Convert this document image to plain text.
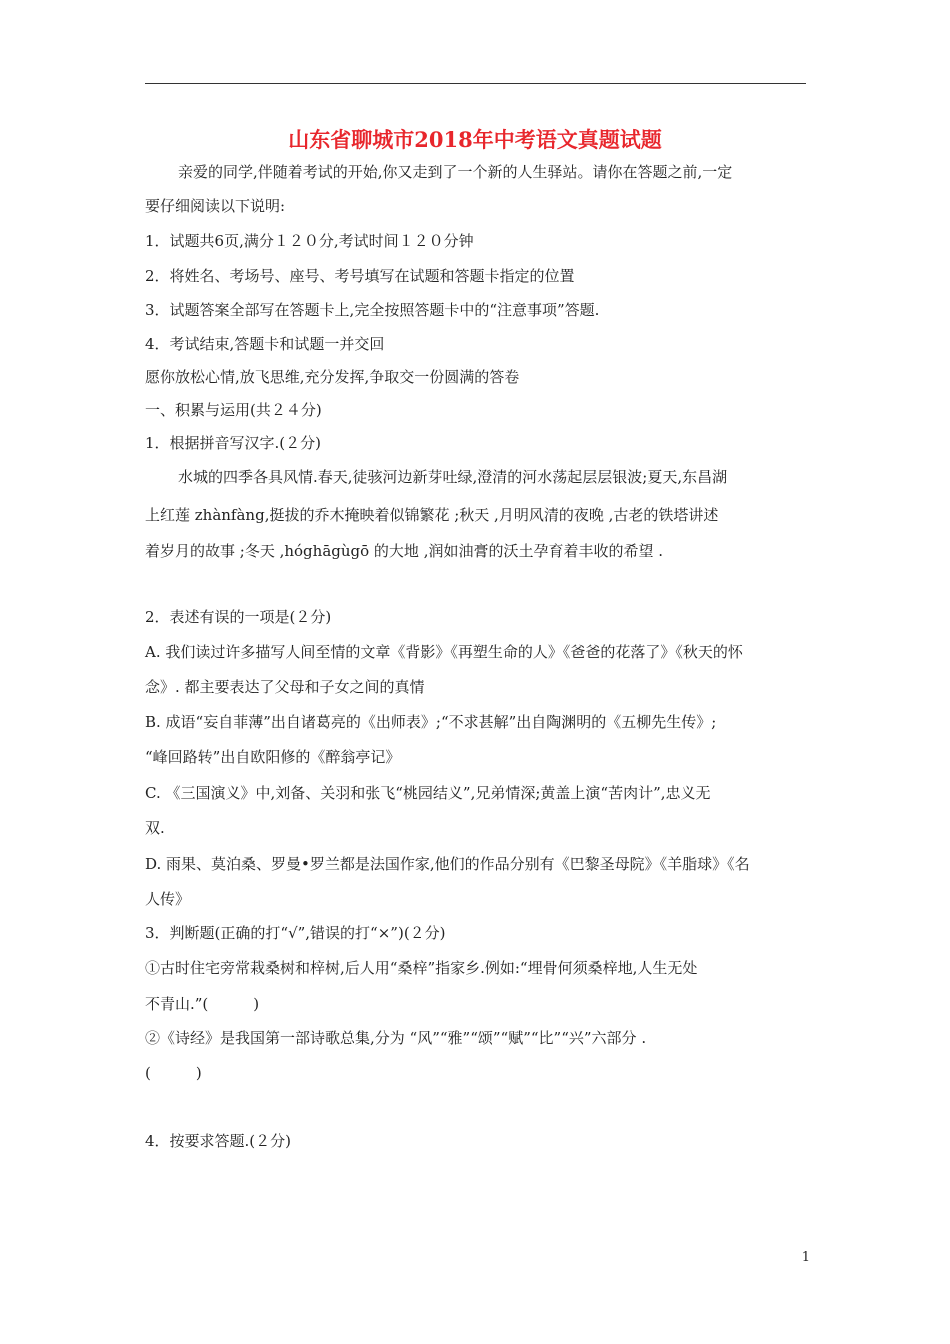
山东省聊城市2018年中考语文真题试题
亲爱的同学,伴随着考试的开始,你又走到了一个新的人生驿站。请你在答题之前,一定
要仔细阅读以下说明:
1．试题共6页,满分１２０分,考试时间１２０分钟
2．将姓名、考场号、座号、考号填写在试题和答题卡指定的位置
3．试题答案全部写在答题卡上,完全按照答题卡中的“注意事项”答题.
4．考试结束,答题卡和试题一并交回
愿你放松心情,放飞思维,充分发挥,争取交一份圆满的答卷
一、积累与运用(共２４分)
1．根据拼音写汉字.(２分)
水城的四季各具风情.春天,徒骇河边新芽吐绿,澄清的河水荡起层层银波;夏天,东昌湖
上红莲 zhànfàng,挺拔的乔木掩映着似锦繁花 ;秋天 ,月明风清的夜晚 ,古老的铁塔讲述
着岁月的故事 ;冬天 ,hóghāgùgō 的大地 ,润如油膏的沃土孕育着丰收的希望 .
2．表述有误的一项是(２分)
A. 我们读过许多描写人间至情的文章《背影》《再塑生命的人》《爸爸的花落了》《秋天的怀
念》. 都主要表达了父母和子女之间的真情
B. 成语“妄自菲薄”出自诸葛亮的《出师表》;“不求甚解”出自陶渊明的《五柳先生传》;
“峰回路转”出自欧阳修的《醉翁亭记》
C. 《三国演义》中,刘备、关羽和张飞“桃园结义”,兄弟情深;黄盖上演“苦肉计”,忠义无
双.
D. 雨果、莫泊桑、罗曼•罗兰都是法国作家,他们的作品分别有《巴黎圣母院》《羊脂球》《名
人传》
3．判断题(正确的打“√”,错误的打“×”)(２分)
①古时住宅旁常栽桑树和梓树,后人用“桑梓”指家乡.例如:“埋骨何须桑梓地,人生无处
不青山.”(　　　)
②《诗经》是我国第一部诗歌总集,分为 “风”“雅”“颂”“赋”“比”“兴”六部分 .
(　　　)
4．按要求答题.(２分)
1
